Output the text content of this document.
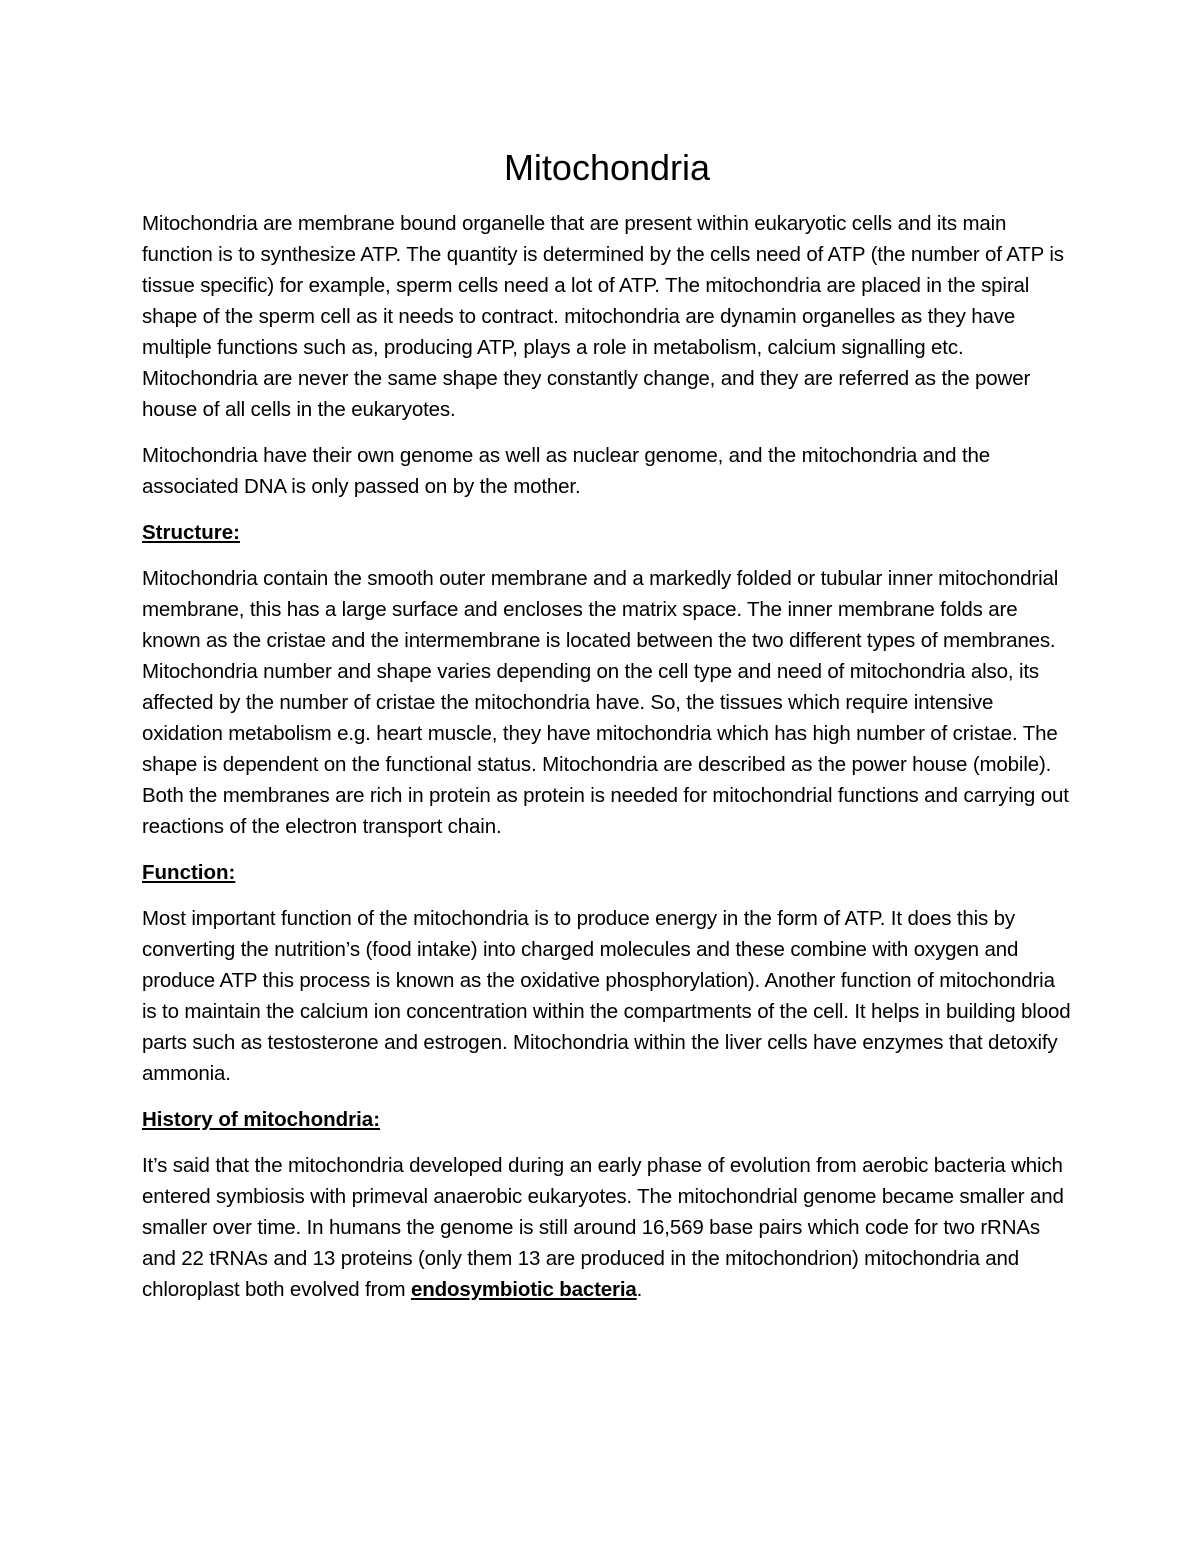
Mitochondria

Mitochondria are membrane bound organelle that are present within eukaryotic cells and its main function is to synthesize ATP. The quantity is determined by the cells need of ATP (the number of ATP is tissue specific) for example, sperm cells need a lot of ATP. The mitochondria are placed in the spiral shape of the sperm cell as it needs to contract. mitochondria are dynamin organelles as they have multiple functions such as, producing ATP, plays a role in metabolism, calcium signalling etc. Mitochondria are never the same shape they constantly change, and they are referred as the power house of all cells in the eukaryotes.

Mitochondria have their own genome as well as nuclear genome, and the mitochondria and the associated DNA is only passed on by the mother.

Structure:

Mitochondria contain the smooth outer membrane and a markedly folded or tubular inner mitochondrial membrane, this has a large surface and encloses the matrix space. The inner membrane folds are known as the cristae and the intermembrane is located between the two different types of membranes. Mitochondria number and shape varies depending on the cell type and need of mitochondria also, its affected by the number of cristae the mitochondria have. So, the tissues which require intensive oxidation metabolism e.g. heart muscle, they have mitochondria which has high number of cristae. The shape is dependent on the functional status. Mitochondria are described as the power house (mobile). Both the membranes are rich in protein as protein is needed for mitochondrial functions and carrying out reactions of the electron transport chain.

Function:

Most important function of the mitochondria is to produce energy in the form of ATP. It does this by converting the nutrition’s (food intake) into charged molecules and these combine with oxygen and produce ATP this process is known as the oxidative phosphorylation). Another function of mitochondria is to maintain the calcium ion concentration within the compartments of the cell. It helps in building blood parts such as testosterone and estrogen. Mitochondria within the liver cells have enzymes that detoxify ammonia.

History of mitochondria:

It’s said that the mitochondria developed during an early phase of evolution from aerobic bacteria which entered symbiosis with primeval anaerobic eukaryotes. The mitochondrial genome became smaller and smaller over time. In humans the genome is still around 16,569 base pairs which code for two rRNAs and 22 tRNAs and 13 proteins (only them 13 are produced in the mitochondrion) mitochondria and chloroplast both evolved from endosymbiotic bacteria.
